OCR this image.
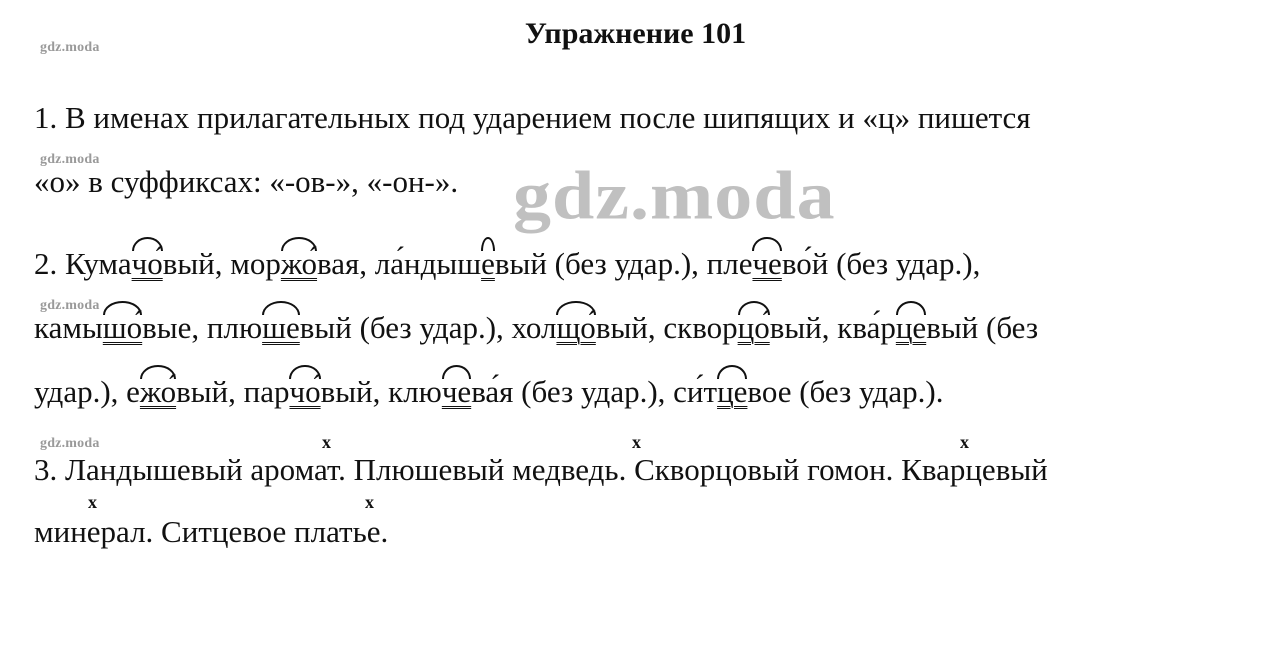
Упражнение 101
gdz.moda
gdz.moda
gdz.moda
gdz.moda
gdz.moda
1. В именах прилагательных под ударением после шипящих и «ц» пишется
«о» в суффиксах: «-ов-», «-он-».
2. Кумачо́вый, моржо́вая, ла́ндышевый (без удар.), плечево́й (без удар.),
камышо́вые, плюшевый (без удар.), холщо́вый, скворцо́вый, ква́рцевый (без
удар.), ежо́вый, парчо́вый, ключева́я (без удар.), си́тцевое (без удар.).
x	x	x
3. Ландышевый аромат. Плюшевый медведь. Скворцовый гомон. Кварцевый
x	x
минерал. Ситцевое платье.
